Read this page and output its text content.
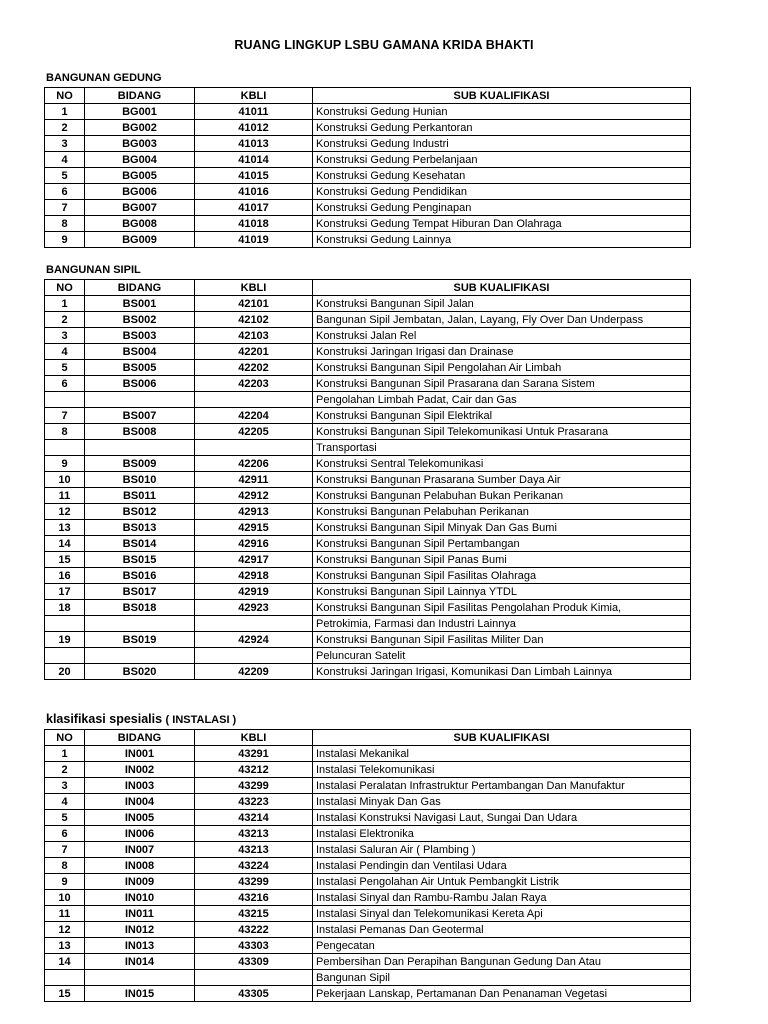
RUANG LINGKUP LSBU GAMANA KRIDA BHAKTI
BANGUNAN GEDUNG
NO	BIDANG	KBLI	SUB KUALIFIKASI
1	BG001	41011	Konstruksi Gedung Hunian
2	BG002	41012	Konstruksi Gedung Perkantoran
3	BG003	41013	Konstruksi Gedung Industri
4	BG004	41014	Konstruksi Gedung Perbelanjaan
5	BG005	41015	Konstruksi Gedung Kesehatan
6	BG006	41016	Konstruksi Gedung Pendidikan
7	BG007	41017	Konstruksi Gedung Penginapan
8	BG008	41018	Konstruksi Gedung Tempat Hiburan Dan Olahraga
9	BG009	41019	Konstruksi Gedung Lainnya
BANGUNAN SIPIL
NO	BIDANG	KBLI	SUB KUALIFIKASI
1	BS001	42101	Konstruksi Bangunan Sipil Jalan
2	BS002	42102	Bangunan Sipil Jembatan, Jalan, Layang, Fly Over Dan Underpass
3	BS003	42103	Konstruksi Jalan Rel
4	BS004	42201	Konstruksi Jaringan Irigasi dan Drainase
5	BS005	42202	Konstruksi Bangunan Sipil Pengolahan Air Limbah
6	BS006	42203	Konstruksi Bangunan Sipil Prasarana dan Sarana Sistem
			Pengolahan Limbah Padat, Cair dan Gas
7	BS007	42204	Konstruksi Bangunan Sipil Elektrikal
8	BS008	42205	Konstruksi Bangunan Sipil Telekomunikasi Untuk Prasarana
			Transportasi
9	BS009	42206	Konstruksi Sentral Telekomunikasi
10	BS010	42911	Konstruksi Bangunan Prasarana Sumber Daya Air
11	BS011	42912	Konstruksi Bangunan Pelabuhan Bukan Perikanan
12	BS012	42913	Konstruksi Bangunan Pelabuhan Perikanan
13	BS013	42915	Konstruksi Bangunan Sipil Minyak Dan Gas Bumi
14	BS014	42916	Konstruksi Bangunan Sipil Pertambangan
15	BS015	42917	Konstruksi Bangunan Sipil Panas Bumi
16	BS016	42918	Konstruksi Bangunan Sipil Fasilitas Olahraga
17	BS017	42919	Konstruksi Bangunan Sipil Lainnya YTDL
18	BS018	42923	Konstruksi Bangunan Sipil Fasilitas Pengolahan Produk Kimia,
			Petrokimia, Farmasi dan Industri Lainnya
19	BS019	42924	Konstruksi Bangunan Sipil Fasilitas Militer Dan
			Peluncuran Satelit
20	BS020	42209	Konstruksi Jaringan Irigasi, Komunikasi Dan Limbah Lainnya
klasifikasi spesialis ( INSTALASI )
NO	BIDANG	KBLI	SUB KUALIFIKASI
1	IN001	43291	Instalasi Mekanikal
2	IN002	43212	Instalasi Telekomunikasi
3	IN003	43299	Instalasi Peralatan Infrastruktur Pertambangan Dan Manufaktur
4	IN004	43223	Instalasi Minyak Dan Gas
5	IN005	43214	Instalasi Konstruksi Navigasi Laut, Sungai Dan Udara
6	IN006	43213	Instalasi Elektronika
7	IN007	43213	Instalasi Saluran Air ( Plambing )
8	IN008	43224	Instalasi Pendingin dan Ventilasi Udara
9	IN009	43299	Instalasi Pengolahan Air Untuk Pembangkit Listrik
10	IN010	43216	Instalasi Sinyal dan Rambu-Rambu Jalan Raya
11	IN011	43215	Instalasi Sinyal dan Telekomunikasi Kereta Api
12	IN012	43222	Instalasi Pemanas Dan Geotermal
13	IN013	43303	Pengecatan
14	IN014	43309	Pembersihan Dan Perapihan Bangunan Gedung Dan Atau
			Bangunan Sipil
15	IN015	43305	Pekerjaan Lanskap, Pertamanan Dan Penanaman Vegetasi
